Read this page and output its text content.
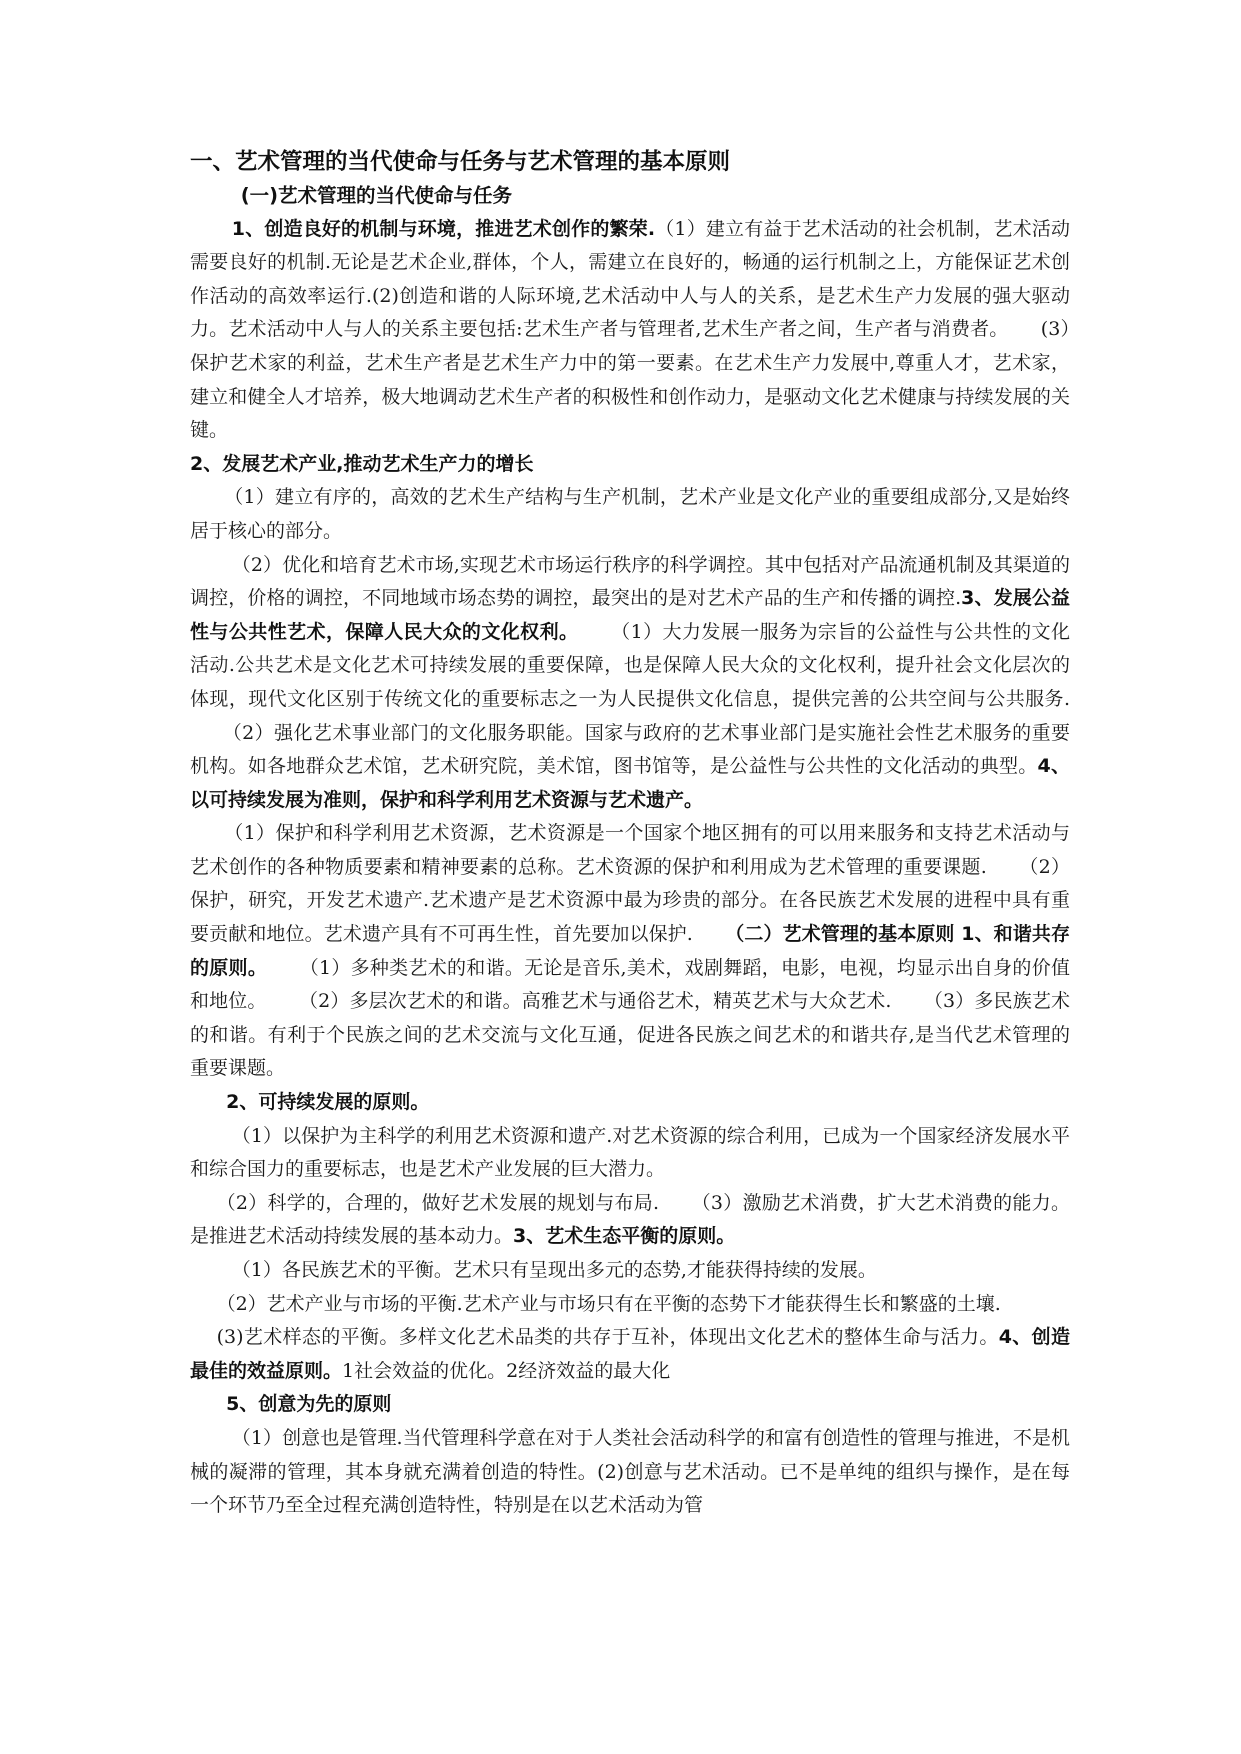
一、艺术管理的当代使命与任务与艺术管理的基本原则

(一)艺术管理的当代使命与任务

1、创造良好的机制与环境，推进艺术创作的繁荣.（1）建立有益于艺术活动的社会机制，艺术活动需要良好的机制.无论是艺术企业,群体，个人，需建立在良好的，畅通的运行机制之上，方能保证艺术创作活动的高效率运行.(2)创造和谐的人际环境,艺术活动中人与人的关系，是艺术生产力发展的强大驱动力。艺术活动中人与人的关系主要包括:艺术生产者与管理者,艺术生产者之间，生产者与消费者。 (3）保护艺术家的利益，艺术生产者是艺术生产力中的第一要素。在艺术生产力发展中,尊重人才，艺术家，建立和健全人才培养，极大地调动艺术生产者的积极性和创作动力，是驱动文化艺术健康与持续发展的关键。

2、发展艺术产业,推动艺术生产力的增长

（1）建立有序的，高效的艺术生产结构与生产机制，艺术产业是文化产业的重要组成部分,又是始终居于核心的部分。

（2）优化和培育艺术市场,实现艺术市场运行秩序的科学调控。其中包括对产品流通机制及其渠道的调控，价格的调控，不同地域市场态势的调控，最突出的是对艺术产品的生产和传播的调控.3、发展公益性与公共性艺术，保障人民大众的文化权利。 （1）大力发展一服务为宗旨的公益性与公共性的文化活动.公共艺术是文化艺术可持续发展的重要保障，也是保障人民大众的文化权利，提升社会文化层次的体现，现代文化区别于传统文化的重要标志之一为人民提供文化信息，提供完善的公共空间与公共服务.（2）强化艺术事业部门的文化服务职能。国家与政府的艺术事业部门是实施社会性艺术服务的重要机构。如各地群众艺术馆，艺术研究院，美术馆，图书馆等，是公益性与公共性的文化活动的典型。4、以可持续发展为准则，保护和科学利用艺术资源与艺术遗产。

（1）保护和科学利用艺术资源，艺术资源是一个国家个地区拥有的可以用来服务和支持艺术活动与艺术创作的各种物质要素和精神要素的总称。艺术资源的保护和利用成为艺术管理的重要课题. （2）保护，研究，开发艺术遗产.艺术遗产是艺术资源中最为珍贵的部分。在各民族艺术发展的进程中具有重要贡献和地位。艺术遗产具有不可再生性，首先要加以保护. （二）艺术管理的基本原则 1、和谐共存的原则。 （1）多种类艺术的和谐。无论是音乐,美术，戏剧舞蹈，电影，电视，均显示出自身的价值和地位。 （2）多层次艺术的和谐。高雅艺术与通俗艺术，精英艺术与大众艺术. （3）多民族艺术的和谐。有利于个民族之间的艺术交流与文化互通，促进各民族之间艺术的和谐共存,是当代艺术管理的重要课题。

2、可持续发展的原则。

（1）以保护为主科学的利用艺术资源和遗产.对艺术资源的综合利用，已成为一个国家经济发展水平和综合国力的重要标志，也是艺术产业发展的巨大潜力。

（2）科学的，合理的，做好艺术发展的规划与布局. （3）激励艺术消费，扩大艺术消费的能力。是推进艺术活动持续发展的基本动力。3、艺术生态平衡的原则。

（1）各民族艺术的平衡。艺术只有呈现出多元的态势,才能获得持续的发展。

（2）艺术产业与市场的平衡.艺术产业与市场只有在平衡的态势下才能获得生长和繁盛的土壤.

(3)艺术样态的平衡。多样文化艺术品类的共存于互补，体现出文化艺术的整体生命与活力。4、创造最佳的效益原则。1社会效益的优化。2经济效益的最大化

5、创意为先的原则

（1）创意也是管理.当代管理科学意在对于人类社会活动科学的和富有创造性的管理与推进，不是机械的凝滞的管理，其本身就充满着创造的特性。(2)创意与艺术活动。已不是单纯的组织与操作，是在每一个环节乃至全过程充满创造特性，特别是在以艺术活动为管
